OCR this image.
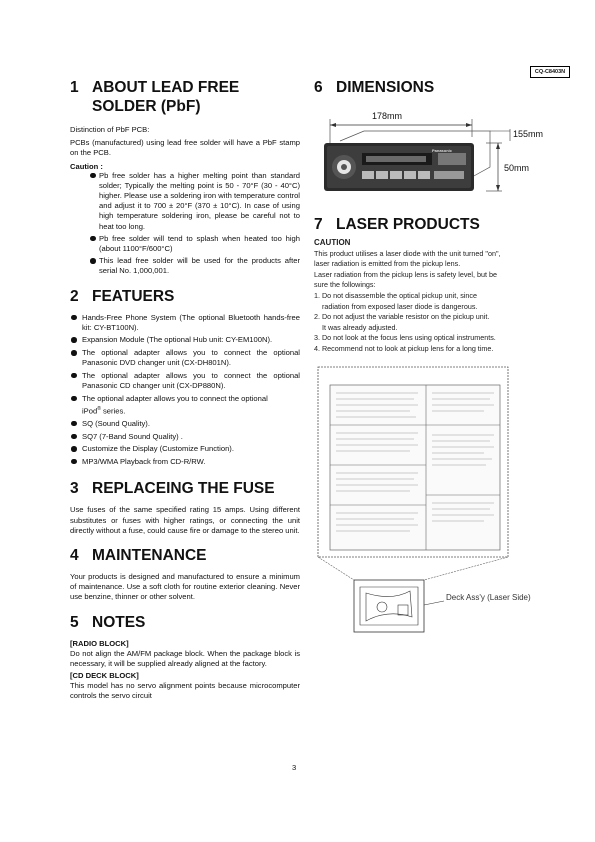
CQ-C8403N
1 ABOUT LEAD FREE SOLDER (PbF)

Distinction of PbF PCB:

PCBs (manufactured) using lead free solder will have a PbF stamp on the PCB.

Caution :
Pb free solder has a higher melting point than standard solder; Typically the melting point is 50 - 70°F (30 - 40°C) higher. Please use a soldering iron with temperature control and adjust it to 700 ± 20°F (370 ± 10°C). In case of using high temperature soldering iron, please be careful not to heat too long.
Pb free solder will tend to splash when heated too high (about 1100°F/600°C)
This lead free solder will be used for the products after serial No. 1,000,001.
2 FEATUERS
Hands-Free Phone System (The optional Bluetooth hands-free kit: CY-BT100N).
Expansion Module (The optional Hub unit: CY-EM100N).
The optional adapter allows you to connect the optional Panasonic DVD changer unit (CX-DH801N).
The optional adapter allows you to connect the optional Panasonic CD changer unit (CX-DP880N).
The optional adapter allows you to connect the optional
iPod® series.
SQ (Sound Quality).
SQ7 (7-Band Sound Quality) .
Customize the Display (Customize Function).
MP3/WMA Playback from CD-R/RW.
3 REPLACEING THE FUSE

Use fuses of the same specified rating 15 amps. Using different substitutes or fuses with higher ratings, or connecting the unit directly without a fuse, could cause fire or damage to the stereo unit.

4 MAINTENANCE

Your products is designed and manufactured to ensure a minimum of maintenance. Use a soft cloth for routine exterior cleaning. Never use benzine, thinner or other solvent.

5 NOTES
[RADIO BLOCK]

Do not align the AM/FM package block. When the package block is necessary, it will be supplied already aligned at the factory.

[CD DECK BLOCK]

This model has no servo alignment points because microcomputer controls the servo circuit

6 DIMENSIONS
178mm
155mm
50mm
Panasonic
7 LASER PRODUCTS
CAUTION
This product utilises a laser diode with the unit turned "on",
laser radiation is emitted from the pickup lens.
Laser radiation from the pickup lens is safety level, but be
sure the followings:
1. Do not disassemble the optical pickup unit, since
radiation from exposed laser diode is dangerous.
2. Do not adjust the variable resistor on the pickup unit.
It was already adjusted.
3. Do not look at the focus lens using optical instruments.
4. Recommend not to look at pickup lens for a long time.
Deck Ass'y (Laser Side)
3
